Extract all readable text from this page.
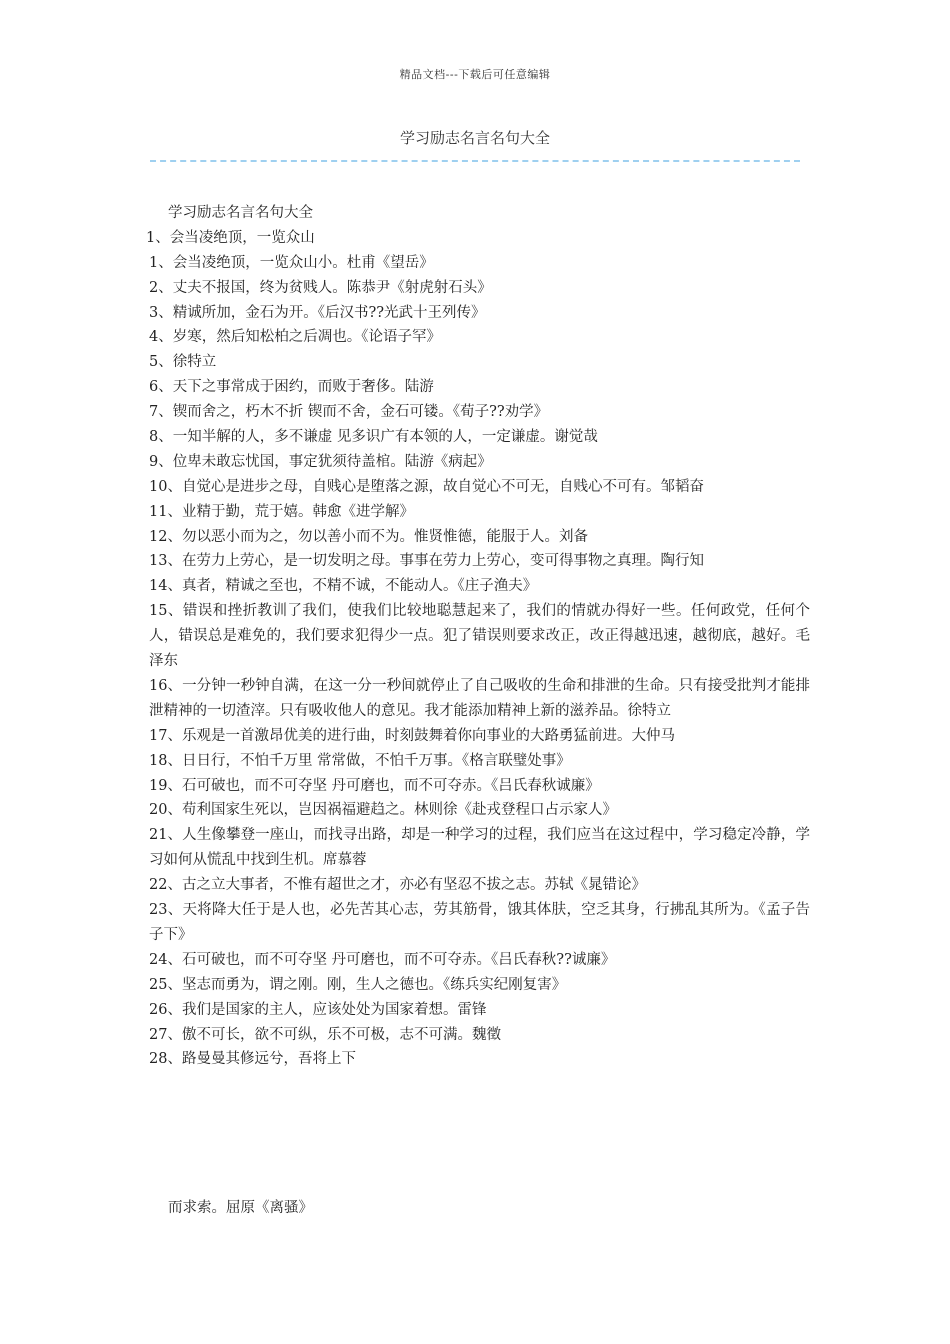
精品文档---下载后可任意编辑
学习励志名言名句大全
学习励志名言名句大全
1、会当凌绝顶，一览众山
1、会当凌绝顶，一览众山小。杜甫《望岳》
2、丈夫不报国，终为贫贱人。陈恭尹《射虎射石头》
3、精诚所加，金石为开。《后汉书??光武十王列传》
4、岁寒，然后知松柏之后凋也。《论语子罕》
5、徐特立
6、天下之事常成于困约，而败于奢侈。陆游
7、锲而舍之，朽木不折 锲而不舍，金石可镂。《荀子??劝学》
8、一知半解的人，多不谦虚 见多识广有本领的人，一定谦虚。谢觉哉
9、位卑未敢忘忧国，事定犹须待盖棺。陆游《病起》
10、自觉心是进步之母，自贱心是堕落之源，故自觉心不可无，自贱心不可有。邹韬奋
11、业精于勤，荒于嬉。韩愈《进学解》
12、勿以恶小而为之，勿以善小而不为。惟贤惟德，能服于人。刘备
13、在劳力上劳心，是一切发明之母。事事在劳力上劳心，变可得事物之真理。陶行知
14、真者，精诚之至也，不精不诚，不能动人。《庄子渔夫》
15、错误和挫折教训了我们，使我们比较地聪慧起来了，我们的情就办得好一些。任何政党，任何个人，错误总是难免的，我们要求犯得少一点。犯了错误则要求改正，改正得越迅速，越彻底，越好。毛泽东
16、一分钟一秒钟自满，在这一分一秒间就停止了自己吸收的生命和排泄的生命。只有接受批判才能排泄精神的一切渣滓。只有吸收他人的意见。我才能添加精神上新的滋养品。徐特立
17、乐观是一首激昂优美的进行曲，时刻鼓舞着你向事业的大路勇猛前进。大仲马
18、日日行，不怕千万里 常常做，不怕千万事。《格言联璧处事》
19、石可破也，而不可夺坚 丹可磨也，而不可夺赤。《吕氏春秋诚廉》
20、苟利国家生死以，岂因祸福避趋之。林则徐《赴戎登程口占示家人》
21、人生像攀登一座山，而找寻出路，却是一种学习的过程，我们应当在这过程中，学习稳定冷静，学习如何从慌乱中找到生机。席慕蓉
22、古之立大事者，不惟有超世之才，亦必有坚忍不拔之志。苏轼《晁错论》
23、天将降大任于是人也，必先苦其心志，劳其筋骨，饿其体肤，空乏其身，行拂乱其所为。《孟子告子下》
24、石可破也，而不可夺坚 丹可磨也，而不可夺赤。《吕氏春秋??诚廉》
25、坚志而勇为，谓之刚。刚，生人之德也。《练兵实纪刚复害》
26、我们是国家的主人，应该处处为国家着想。雷锋
27、傲不可长，欲不可纵，乐不可极，志不可满。魏徵
28、路曼曼其修远兮，吾将上下
而求索。屈原《离骚》
